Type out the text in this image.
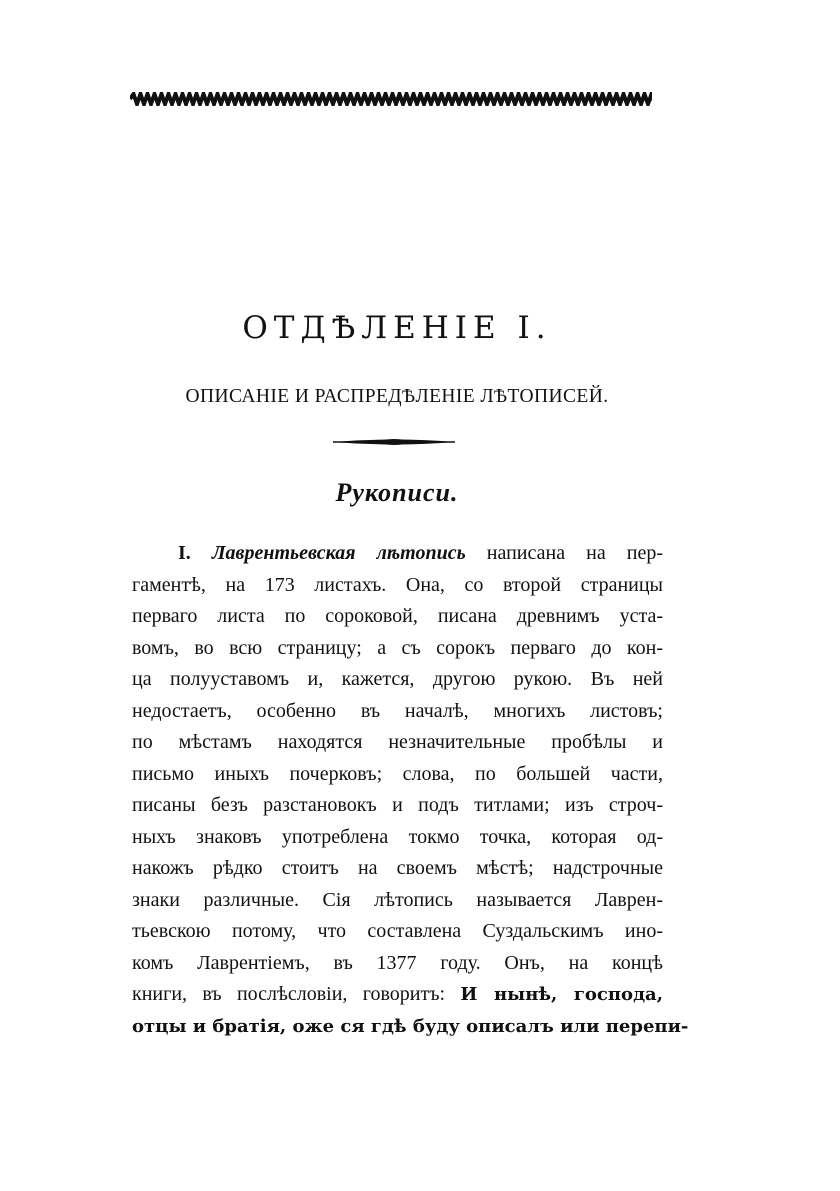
ОТДѢЛЕНІЕ I.
ОПИСАНІЕ И РАСПРЕДѢЛЕНІЕ ЛѢТОПИСЕЙ.
Рукописи.
I. Лаврентьевская лѣтопись написана на пер-
гаментѣ, на 173 листахъ. Она, со второй страницы
перваго листа по сороковой, писана древнимъ уста-
вомъ, во всю страницу; а съ сорокъ перваго до кон-
ца полууставомъ и, кажется, другою рукою. Въ ней
недостаетъ, особенно въ началѣ, многихъ листовъ;
по мѣстамъ находятся незначительные пробѣлы и
письмо иныхъ почерковъ; слова, по большей части,
писаны безъ разстановокъ и подъ титлами; изъ строч-
ныхъ знаковъ употреблена токмо точка, которая од-
накожъ рѣдко стоитъ на своемъ мѣстѣ; надстрочные
знаки различные. Сія лѣтопись называется Лаврен-
тьевскою потому, что составлена Суздальскимъ ино-
комъ Лаврентіемъ, въ 1377 году. Онъ, на концѣ
книги, въ послѣсловіи, говоритъ: И нынѣ, господа,
отцы и братія, оже ся гдѣ буду описалъ или перепи-
